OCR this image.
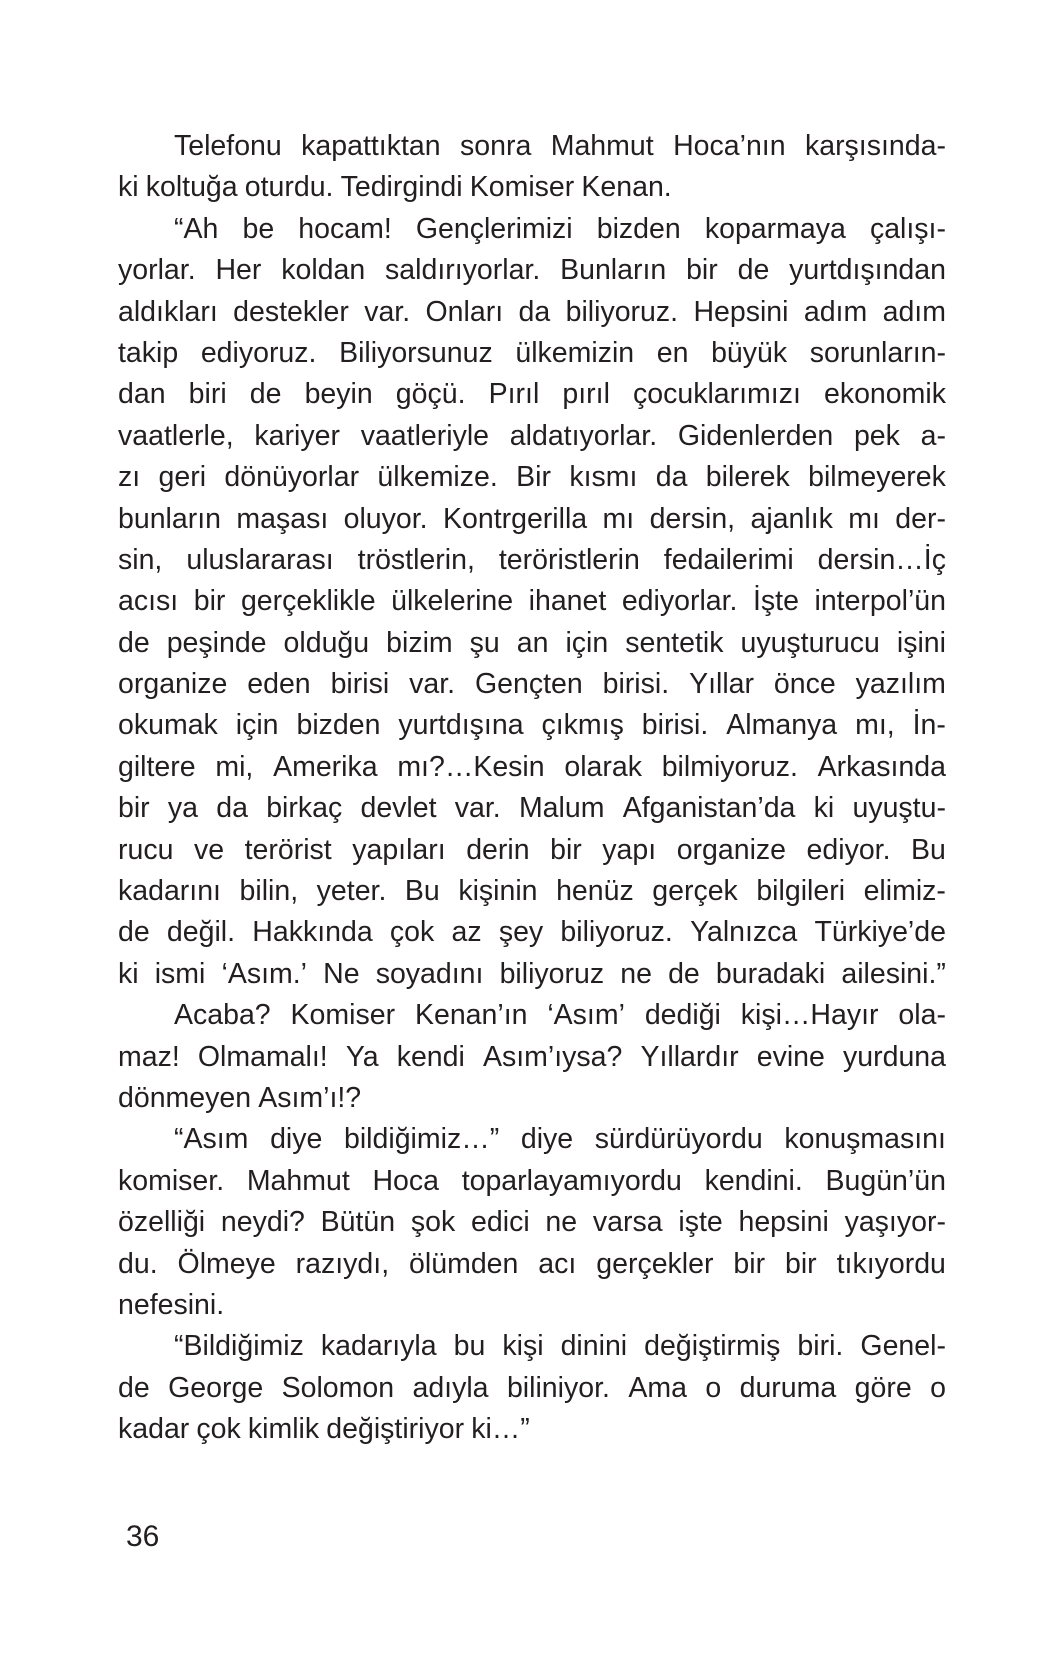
Telefonu kapattıktan sonra Mahmut Hoca’nın karşısında-
ki koltuğa oturdu. Tedirgindi Komiser Kenan.
“Ah be hocam! Gençlerimizi bizden koparmaya çalışı-
yorlar. Her koldan saldırıyorlar. Bunların bir de yurtdışından
aldıkları destekler var. Onları da biliyoruz. Hepsini adım adım
takip ediyoruz. Biliyorsunuz ülkemizin en büyük sorunların-
dan biri de beyin göçü. Pırıl pırıl çocuklarımızı ekonomik
vaatlerle, kariyer vaatleriyle aldatıyorlar. Gidenlerden pek a-
zı geri dönüyorlar ülkemize. Bir kısmı da bilerek bilmeyerek
bunların maşası oluyor. Kontrgerilla mı dersin, ajanlık mı der-
sin, uluslararası tröstlerin, teröristlerin fedailerimi dersin…İç
acısı bir gerçeklikle ülkelerine ihanet ediyorlar. İşte interpol’ün
de peşinde olduğu bizim şu an için sentetik uyuşturucu işini
organize eden birisi var. Gençten birisi. Yıllar önce yazılım
okumak için bizden yurtdışına çıkmış birisi. Almanya mı, İn-
giltere mi, Amerika mı?…Kesin olarak bilmiyoruz. Arkasında
bir ya da birkaç devlet var. Malum Afganistan’da ki uyuştu-
rucu ve terörist yapıları derin bir yapı organize ediyor. Bu
kadarını bilin, yeter. Bu kişinin henüz gerçek bilgileri elimiz-
de değil. Hakkında çok az şey biliyoruz. Yalnızca Türkiye’de
ki ismi ‘Asım.’ Ne soyadını biliyoruz ne de buradaki ailesini.”
Acaba? Komiser Kenan’ın ‘Asım’ dediği kişi…Hayır ola-
maz! Olmamalı! Ya kendi Asım’ıysa? Yıllardır evine yurduna
dönmeyen Asım’ı!?
“Asım diye bildiğimiz…” diye sürdürüyordu konuşmasını
komiser. Mahmut Hoca toparlayamıyordu kendini. Bugün’ün
özelliği neydi? Bütün şok edici ne varsa işte hepsini yaşıyor-
du. Ölmeye razıydı, ölümden acı gerçekler bir bir tıkıyordu
nefesini.
“Bildiğimiz kadarıyla bu kişi dinini değiştirmiş biri. Genel-
de George Solomon adıyla biliniyor. Ama o duruma göre o
kadar çok kimlik değiştiriyor ki…”
36
